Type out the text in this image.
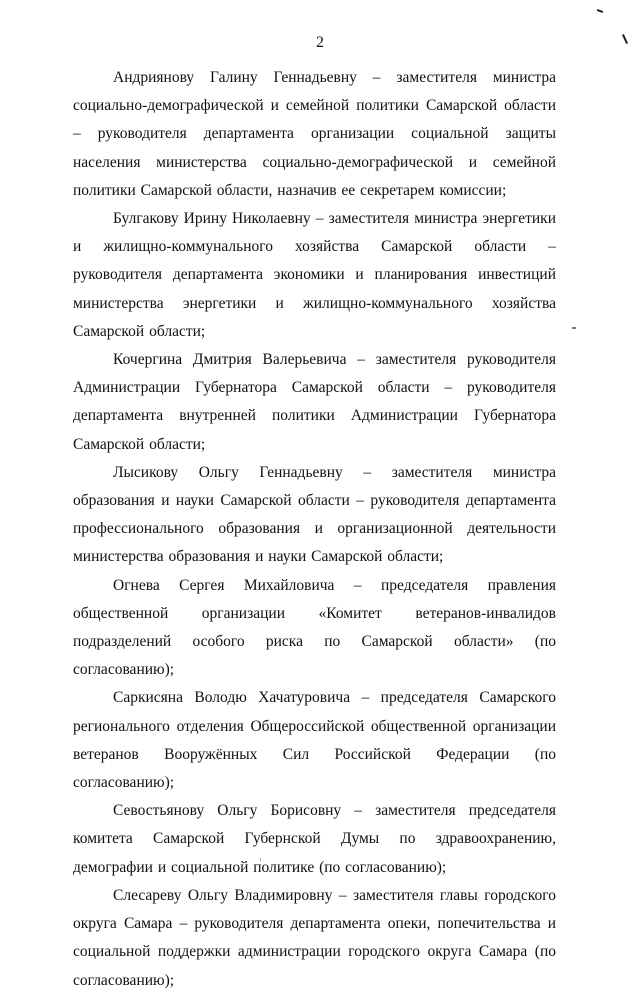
2

Андриянову Галину Геннадьевну – заместителя министра социально-демографической и семейной политики Самарской области – руководителя департамента организации социальной защиты населения министерства социально-демографической и семейной политики Самарской области, назначив ее секретарем комиссии;

Булгакову Ирину Николаевну – заместителя министра энергетики и жилищно-коммунального хозяйства Самарской области – руководителя департамента экономики и планирования инвестиций министерства энергетики и жилищно-коммунального хозяйства Самарской области;

Кочергина Дмитрия Валерьевича – заместителя руководителя Администрации Губернатора Самарской области – руководителя департамента внутренней политики Администрации Губернатора Самарской области;

Лысикову Ольгу Геннадьевну – заместителя министра образования и науки Самарской области – руководителя департамента профессионального образования и организационной деятельности министерства образования и науки Самарской области;

Огнева Сергея Михайловича – председателя правления общественной организации «Комитет ветеранов-инвалидов подразделений особого риска по Самарской области» (по согласованию);

Саркисяна Володю Хачатуровича – председателя Самарского регионального отделения Общероссийской общественной организации ветеранов Вооружённых Сил Российской Федерации (по согласованию);

Севостьянову Ольгу Борисовну – заместителя председателя комитета Самарской Губернской Думы по здравоохранению, демографии и социальной политике (по согласованию);

Слесареву Ольгу Владимировну – заместителя главы городского округа Самара – руководителя департамента опеки, попечительства и социальной поддержки администрации городского округа Самара (по согласованию);
